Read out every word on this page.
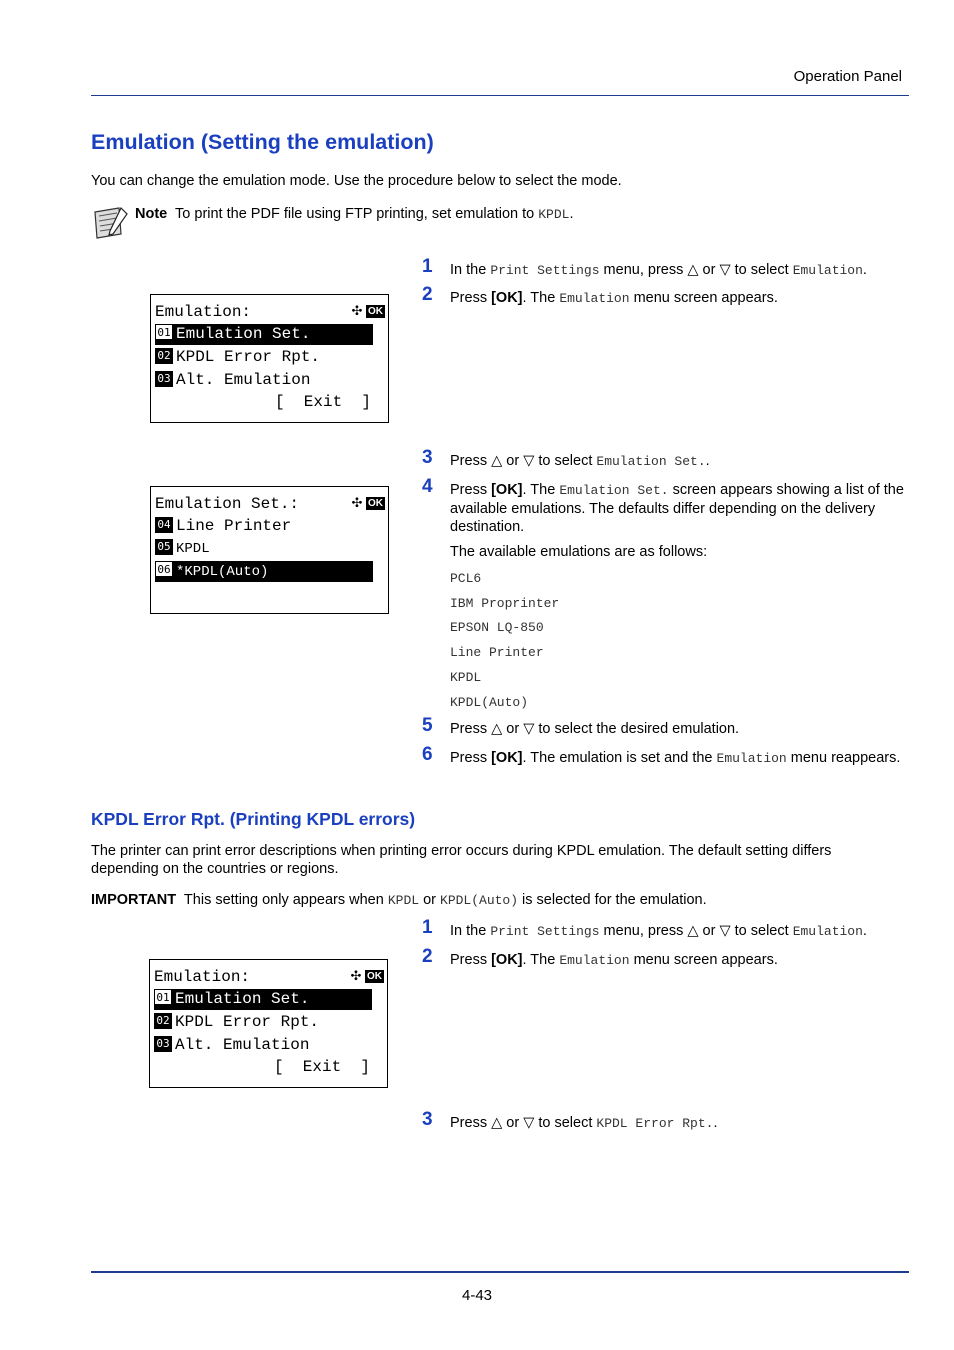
Operation Panel
Emulation (Setting the emulation)
You can change the emulation mode. Use the procedure below to select the mode.
Note To print the PDF file using FTP printing, set emulation to KPDL.
1 In the Print Settings menu, press △ or ▽ to select Emulation.
2 Press [OK]. The Emulation menu screen appears.
3 Press △ or ▽ to select Emulation Set..
4 Press [OK]. The Emulation Set. screen appears showing a list of the available emulations. The defaults differ depending on the delivery destination.
The available emulations are as follows:
PCL6
IBM Proprinter
EPSON LQ-850
Line Printer
KPDL
KPDL(Auto)
5 Press △ or ▽ to select the desired emulation.
6 Press [OK]. The emulation is set and the Emulation menu reappears.
Emulation:	✣ OK
01 Emulation Set.
02 KPDL Error Rpt.
03 Alt. Emulation
[  Exit  ]
Emulation Set.:	✣ OK
04 Line Printer
05 KPDL
06 *KPDL(Auto)
KPDL Error Rpt. (Printing KPDL errors)
The printer can print error descriptions when printing error occurs during KPDL emulation. The default setting differs depending on the countries or regions.
IMPORTANT This setting only appears when KPDL or KPDL(Auto) is selected for the emulation.
1 In the Print Settings menu, press △ or ▽ to select Emulation.
2 Press [OK]. The Emulation menu screen appears.
3 Press △ or ▽ to select KPDL Error Rpt..
Emulation:	✣ OK
01 Emulation Set.
02 KPDL Error Rpt.
03 Alt. Emulation
[  Exit  ]
4-43
